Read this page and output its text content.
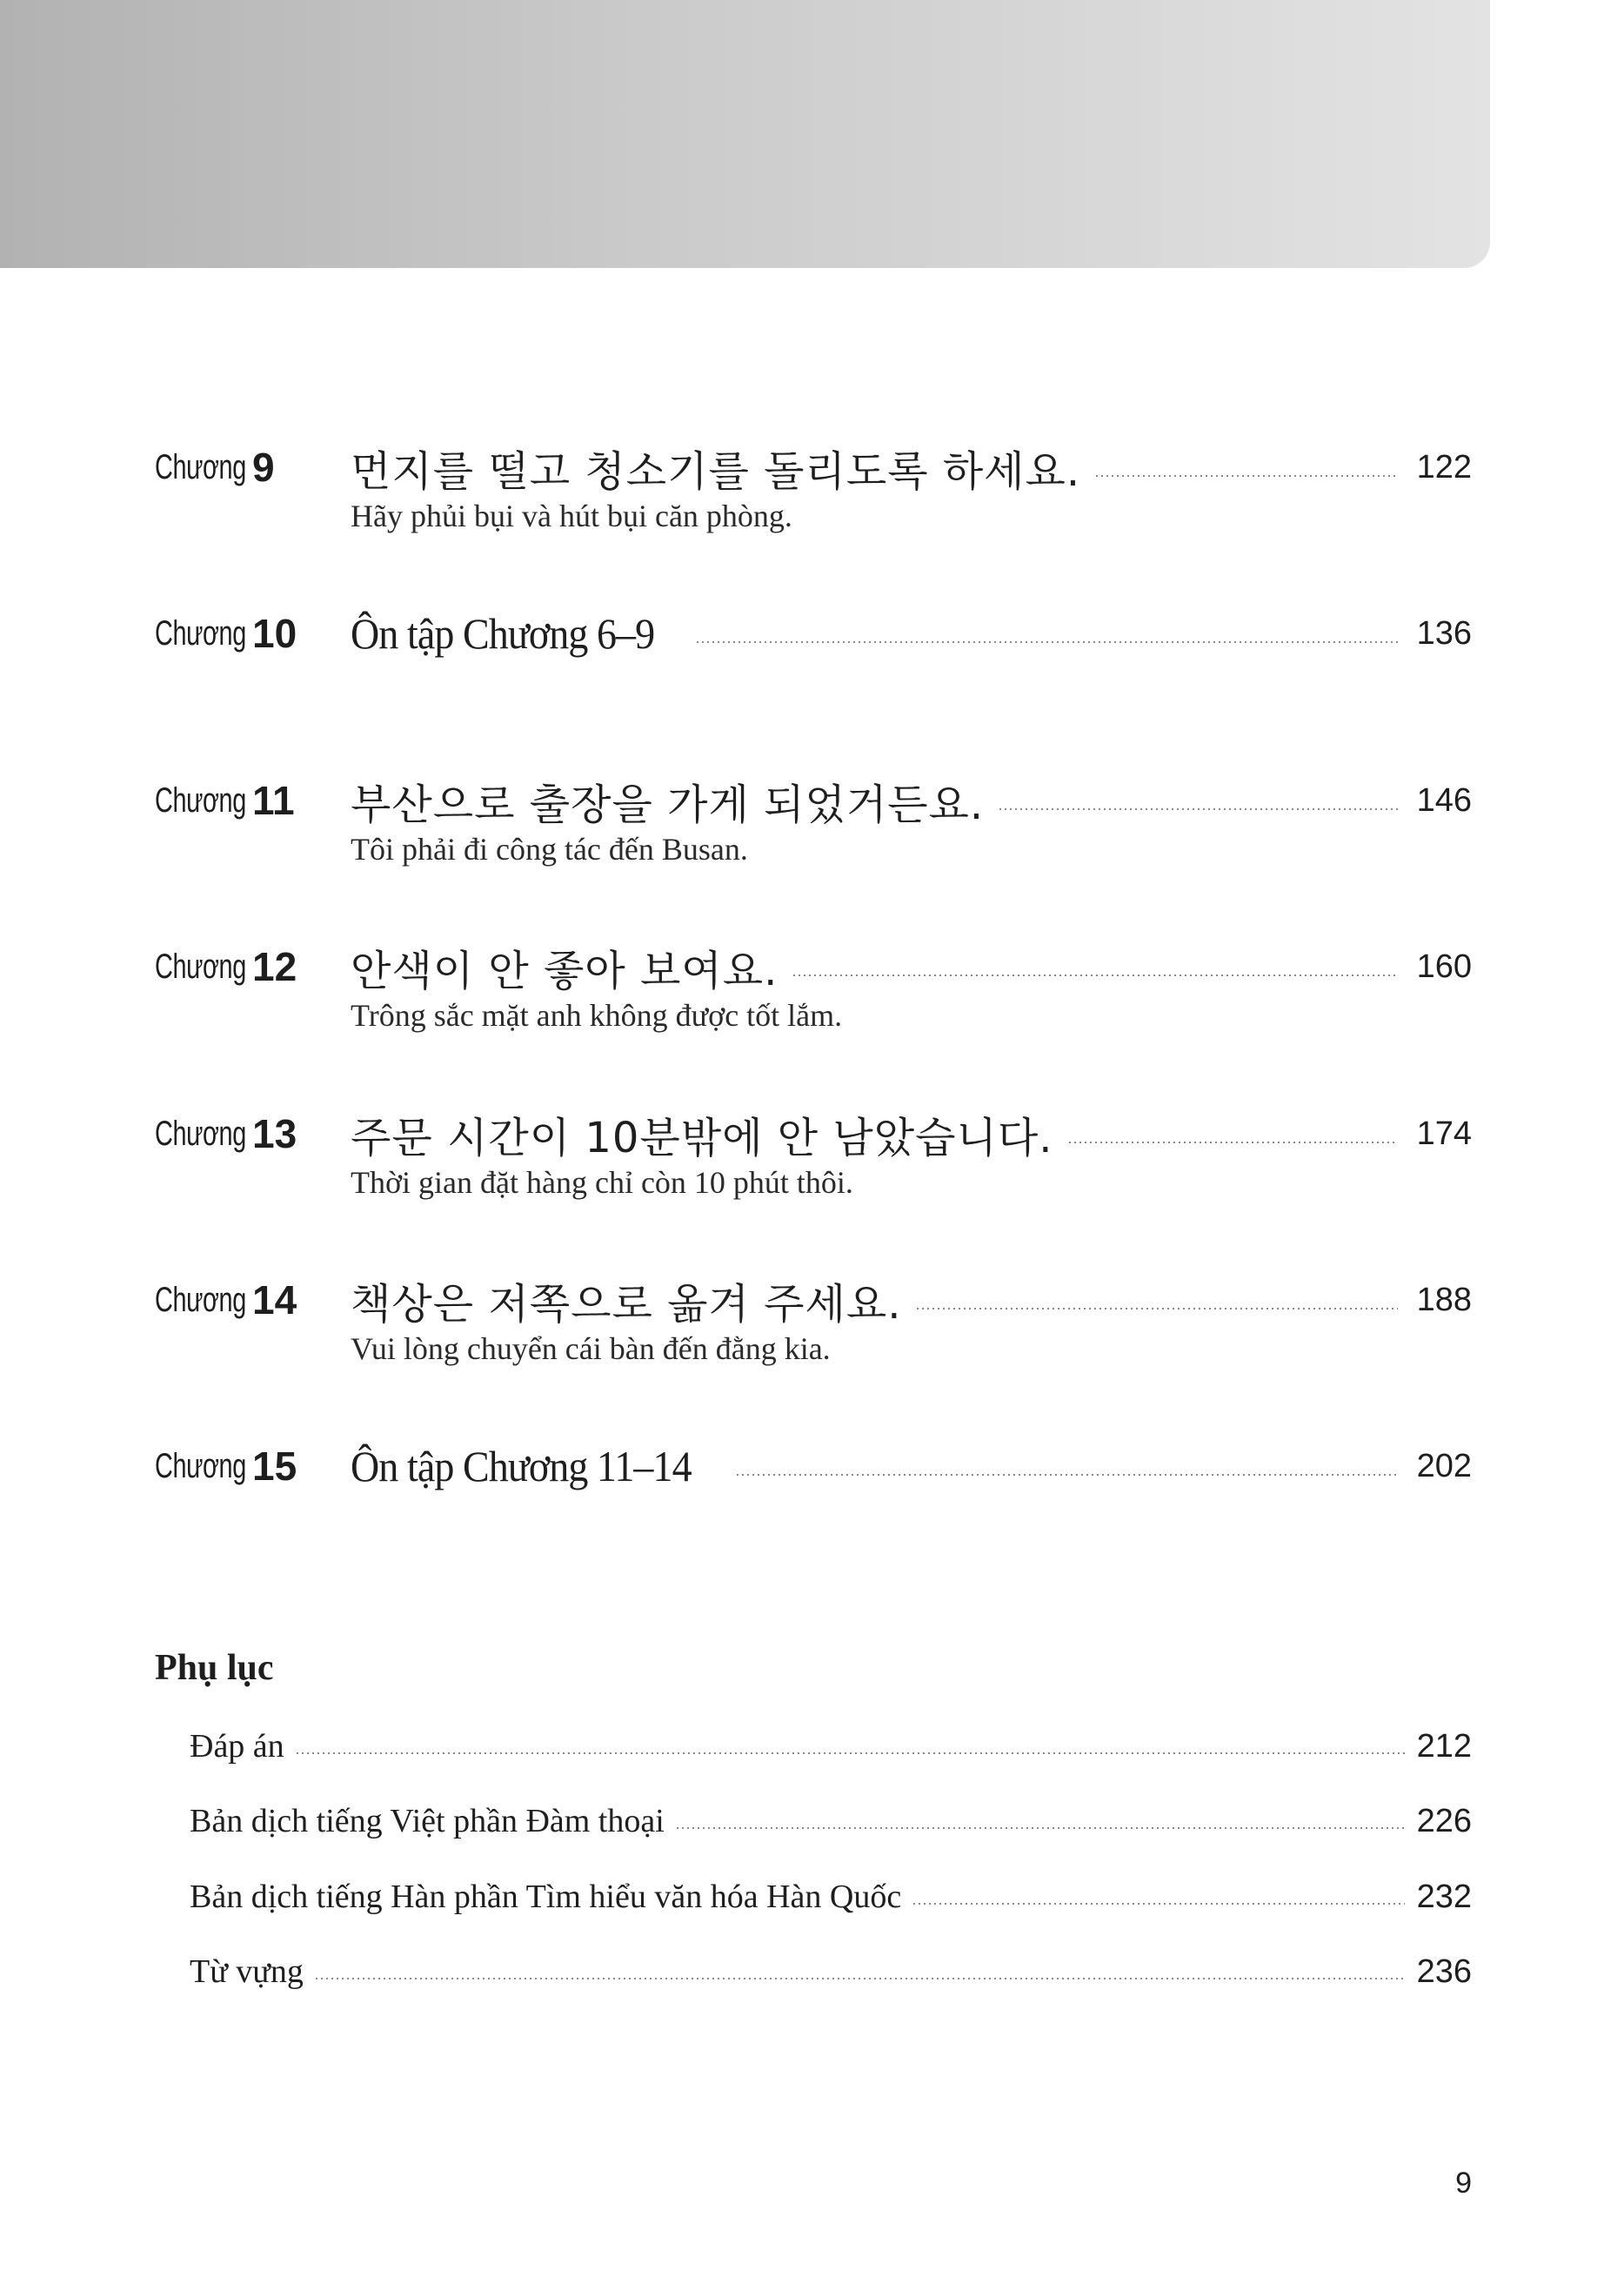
Chương 9 먼지를 떨고 청소기를 돌리도록 하세요.	122
Hãy phủi bụi và hút bụi căn phòng.
Chương 10 Ôn tập Chương 6–9	136
Chương 11 부산으로 출장을 가게 되었거든요.	146
Tôi phải đi công tác đến Busan.
Chương 12 안색이 안 좋아 보여요.	160
Trông sắc mặt anh không được tốt lắm.
Chương 13 주문 시간이 10분밖에 안 남았습니다.	174
Thời gian đặt hàng chỉ còn 10 phút thôi.
Chương 14 책상은 저쪽으로 옮겨 주세요.	188
Vui lòng chuyển cái bàn đến đằng kia.
Chương 15 Ôn tập Chương 11–14	202
Phụ lục
Đáp án	212
Bản dịch tiếng Việt phần Đàm thoại	226
Bản dịch tiếng Hàn phần Tìm hiểu văn hóa Hàn Quốc	232
Từ vựng	236
9
